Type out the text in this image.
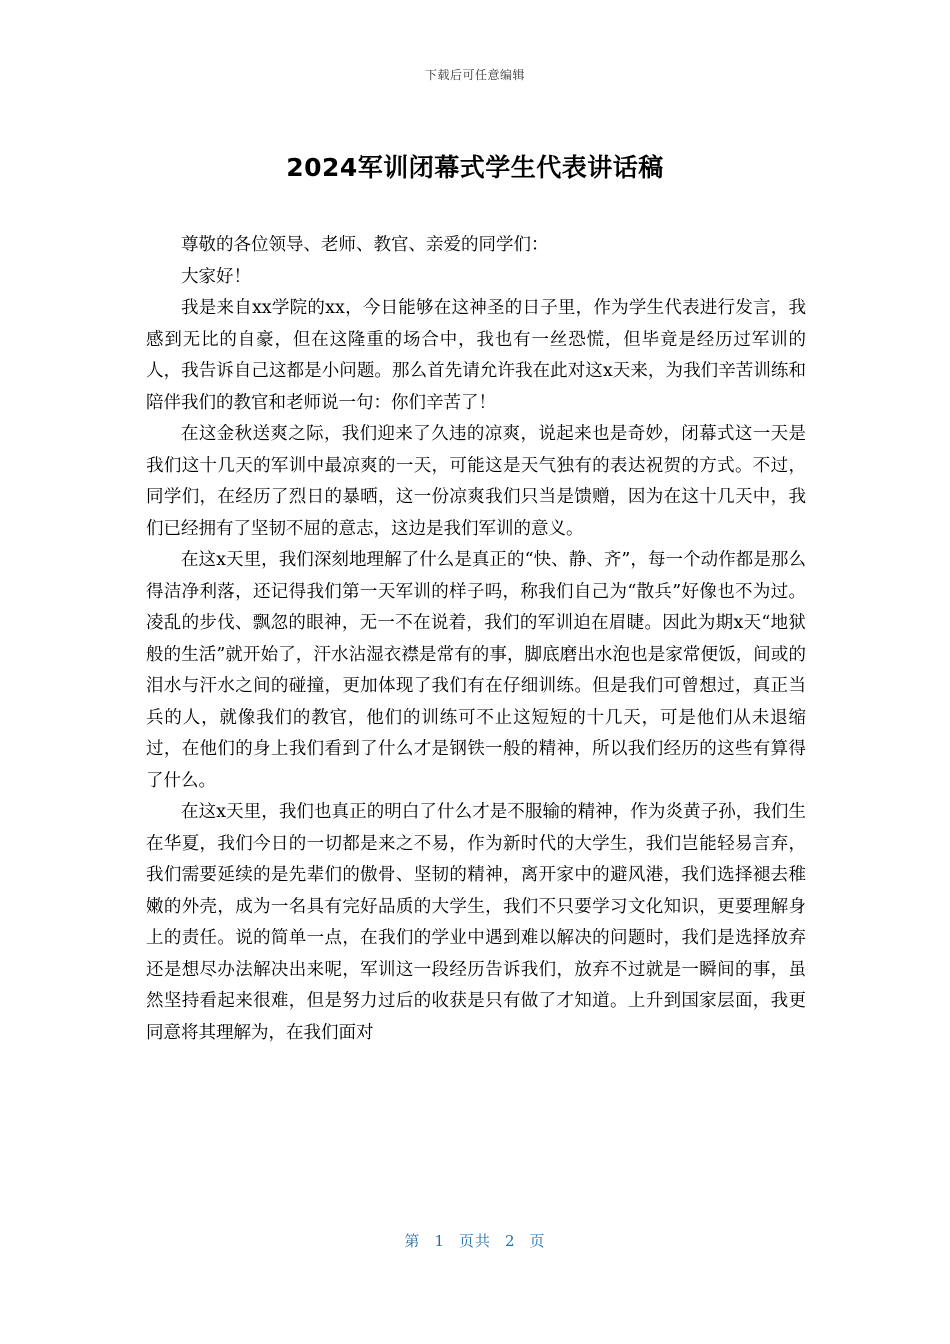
下载后可任意编辑
2024军训闭幕式学生代表讲话稿

尊敬的各位领导、老师、教官、亲爱的同学们：

大家好！

我是来自xx学院的xx，今日能够在这神圣的日子里，作为学生代表进行发言，我感到无比的自豪，但在这隆重的场合中，我也有一丝恐慌，但毕竟是经历过军训的人，我告诉自己这都是小问题。那么首先请允许我在此对这x天来，为我们辛苦训练和陪伴我们的教官和老师说一句：你们辛苦了！

在这金秋送爽之际，我们迎来了久违的凉爽，说起来也是奇妙，闭幕式这一天是我们这十几天的军训中最凉爽的一天，可能这是天气独有的表达祝贺的方式。不过，同学们，在经历了烈日的暴晒，这一份凉爽我们只当是馈赠，因为在这十几天中，我们已经拥有了坚韧不屈的意志，这边是我们军训的意义。

在这x天里，我们深刻地理解了什么是真正的“快、静、齐”，每一个动作都是那么得洁净利落，还记得我们第一天军训的样子吗，称我们自己为“散兵”好像也不为过。凌乱的步伐、飘忽的眼神，无一不在说着，我们的军训迫在眉睫。因此为期x天“地狱般的生活”就开始了，汗水沾湿衣襟是常有的事，脚底磨出水泡也是家常便饭，间或的泪水与汗水之间的碰撞，更加体现了我们有在仔细训练。但是我们可曾想过，真正当兵的人，就像我们的教官，他们的训练可不止这短短的十几天，可是他们从未退缩过，在他们的身上我们看到了什么才是钢铁一般的精神，所以我们经历的这些有算得了什么。

在这x天里，我们也真正的明白了什么才是不服输的精神，作为炎黄子孙，我们生在华夏，我们今日的一切都是来之不易，作为新时代的大学生，我们岂能轻易言弃，我们需要延续的是先辈们的傲骨、坚韧的精神，离开家中的避风港，我们选择褪去稚嫩的外壳，成为一名具有完好品质的大学生，我们不只要学习文化知识，更要理解身上的责任。说的简单一点，在我们的学业中遇到难以解决的问题时，我们是选择放弃还是想尽办法解决出来呢，军训这一段经历告诉我们，放弃不过就是一瞬间的事，虽然坚持看起来很难，但是努力过后的收获是只有做了才知道。上升到国家层面，我更同意将其理解为，在我们面对

第 1 页共 2 页
